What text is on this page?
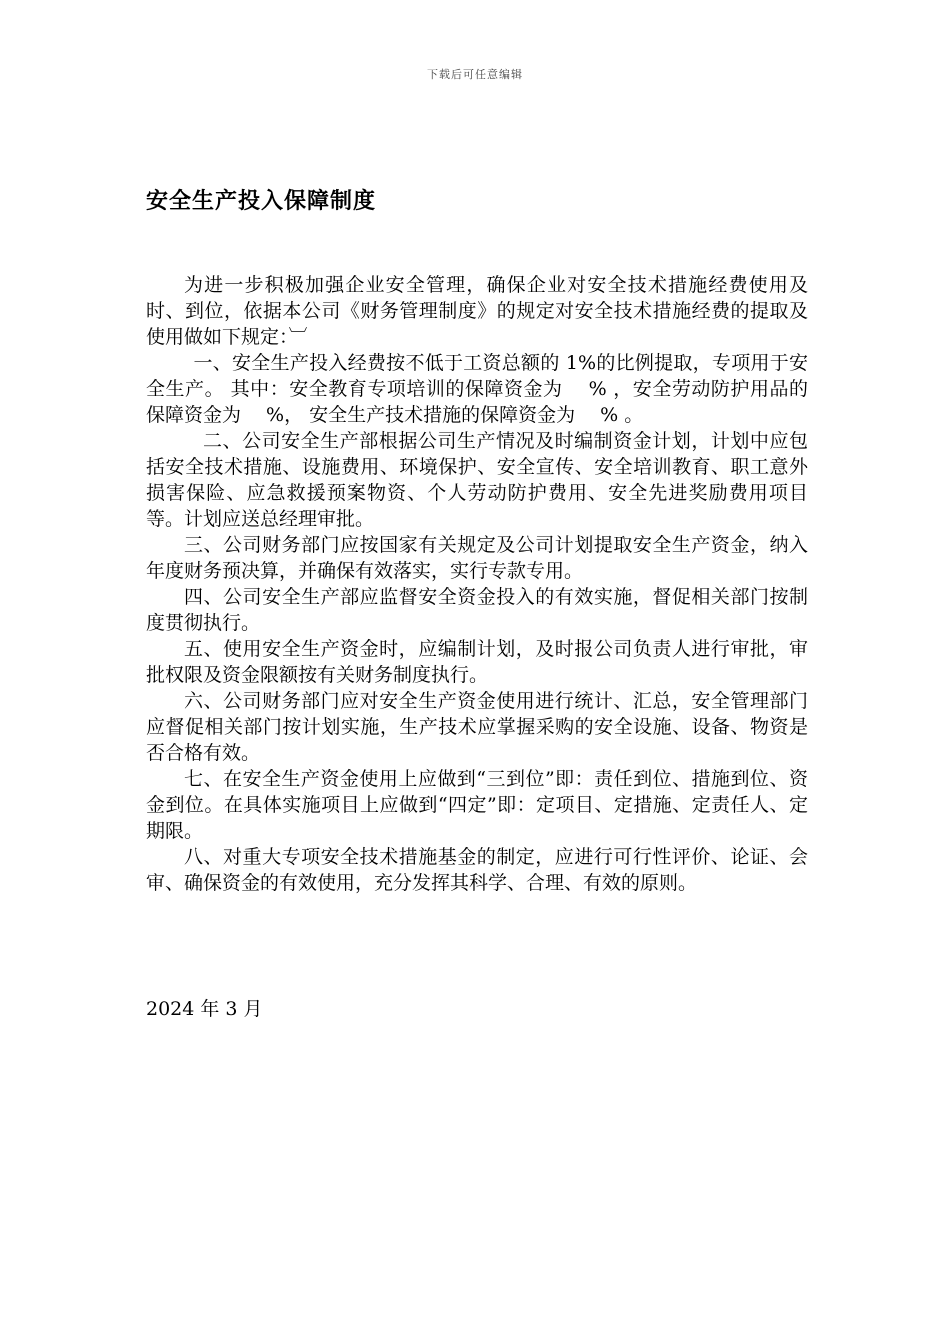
下载后可任意编辑
安全生产投入保障制度

为进一步积极加强企业安全管理，确保企业对安全技术措施经费使用及时、到位，依据本公司《财务管理制度》的规定对安全技术措施经费的提取及使用做如下规定：︺

一、安全生产投入经费按不低于工资总额的 1%的比例提取，专项用于安全生产。 其中：安全教育专项培训的保障资金为　 % ，安全劳动防护用品的保障资金为　 %， 安全生产技术措施的保障资金为　 % 。

二、公司安全生产部根据公司生产情况及时编制资金计划，计划中应包括安全技术措施、设施费用、环境保护、安全宣传、安全培训教育、职工意外损害保险、应急救援预案物资、个人劳动防护费用、安全先进奖励费用项目等。计划应送总经理审批。

三、公司财务部门应按国家有关规定及公司计划提取安全生产资金，纳入年度财务预决算，并确保有效落实，实行专款专用。

四、公司安全生产部应监督安全资金投入的有效实施，督促相关部门按制度贯彻执行。

五、使用安全生产资金时，应编制计划，及时报公司负责人进行审批，审批权限及资金限额按有关财务制度执行。

六、公司财务部门应对安全生产资金使用进行统计、汇总，安全管理部门应督促相关部门按计划实施，生产技术应掌握采购的安全设施、设备、物资是否合格有效。

七、在安全生产资金使用上应做到“三到位”即：责任到位、措施到位、资金到位。在具体实施项目上应做到“四定”即：定项目、定措施、定责任人、定期限。

八、对重大专项安全技术措施基金的制定，应进行可行性评价、论证、会审、确保资金的有效使用，充分发挥其科学、合理、有效的原则。

2024 年 3 月
